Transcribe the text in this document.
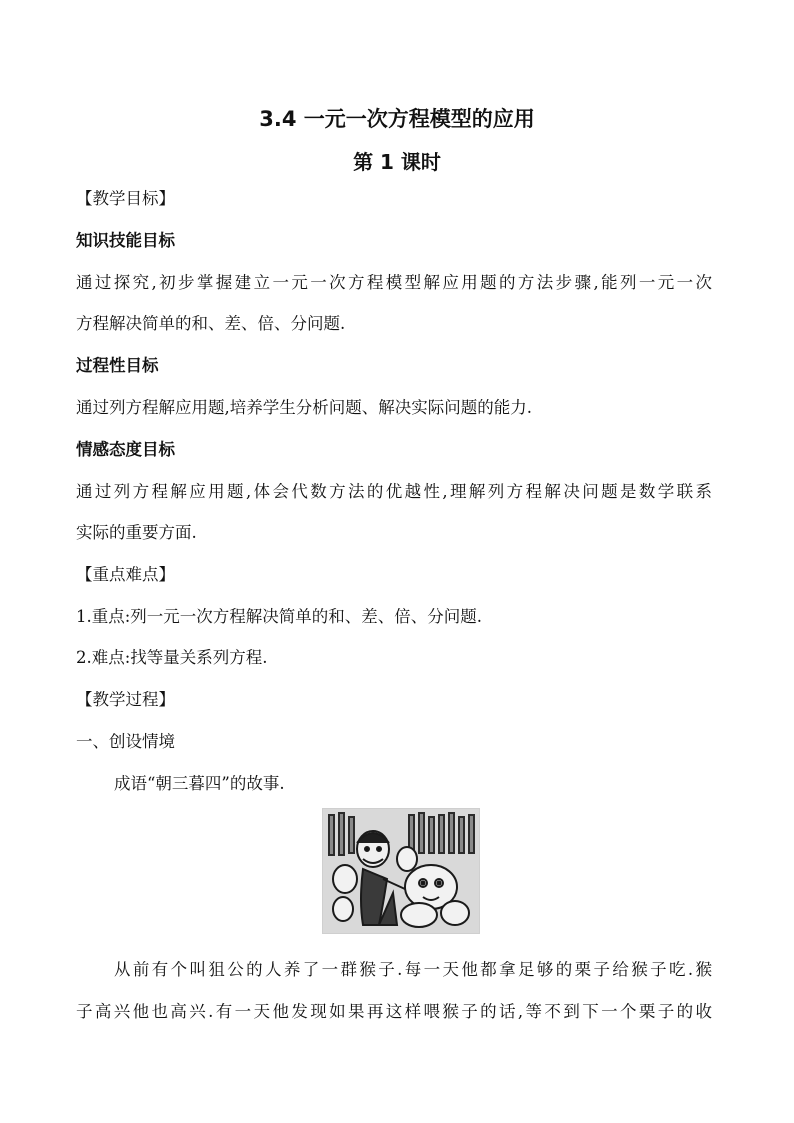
3.4 一元一次方程模型的应用
第 1 课时
【教学目标】
知识技能目标
通过探究,初步掌握建立一元一次方程模型解应用题的方法步骤,能列一元一次
方程解决简单的和、差、倍、分问题.
过程性目标
通过列方程解应用题,培养学生分析问题、解决实际问题的能力.
情感态度目标
通过列方程解应用题,体会代数方法的优越性,理解列方程解决问题是数学联系
实际的重要方面.
【重点难点】
1.重点:列一元一次方程解决简单的和、差、倍、分问题.
2.难点:找等量关系列方程.
【教学过程】
一、创设情境
成语“朝三暮四”的故事.
从前有个叫狙公的人养了一群猴子.每一天他都拿足够的栗子给猴子吃.猴
子高兴他也高兴.有一天他发现如果再这样喂猴子的话,等不到下一个栗子的收
